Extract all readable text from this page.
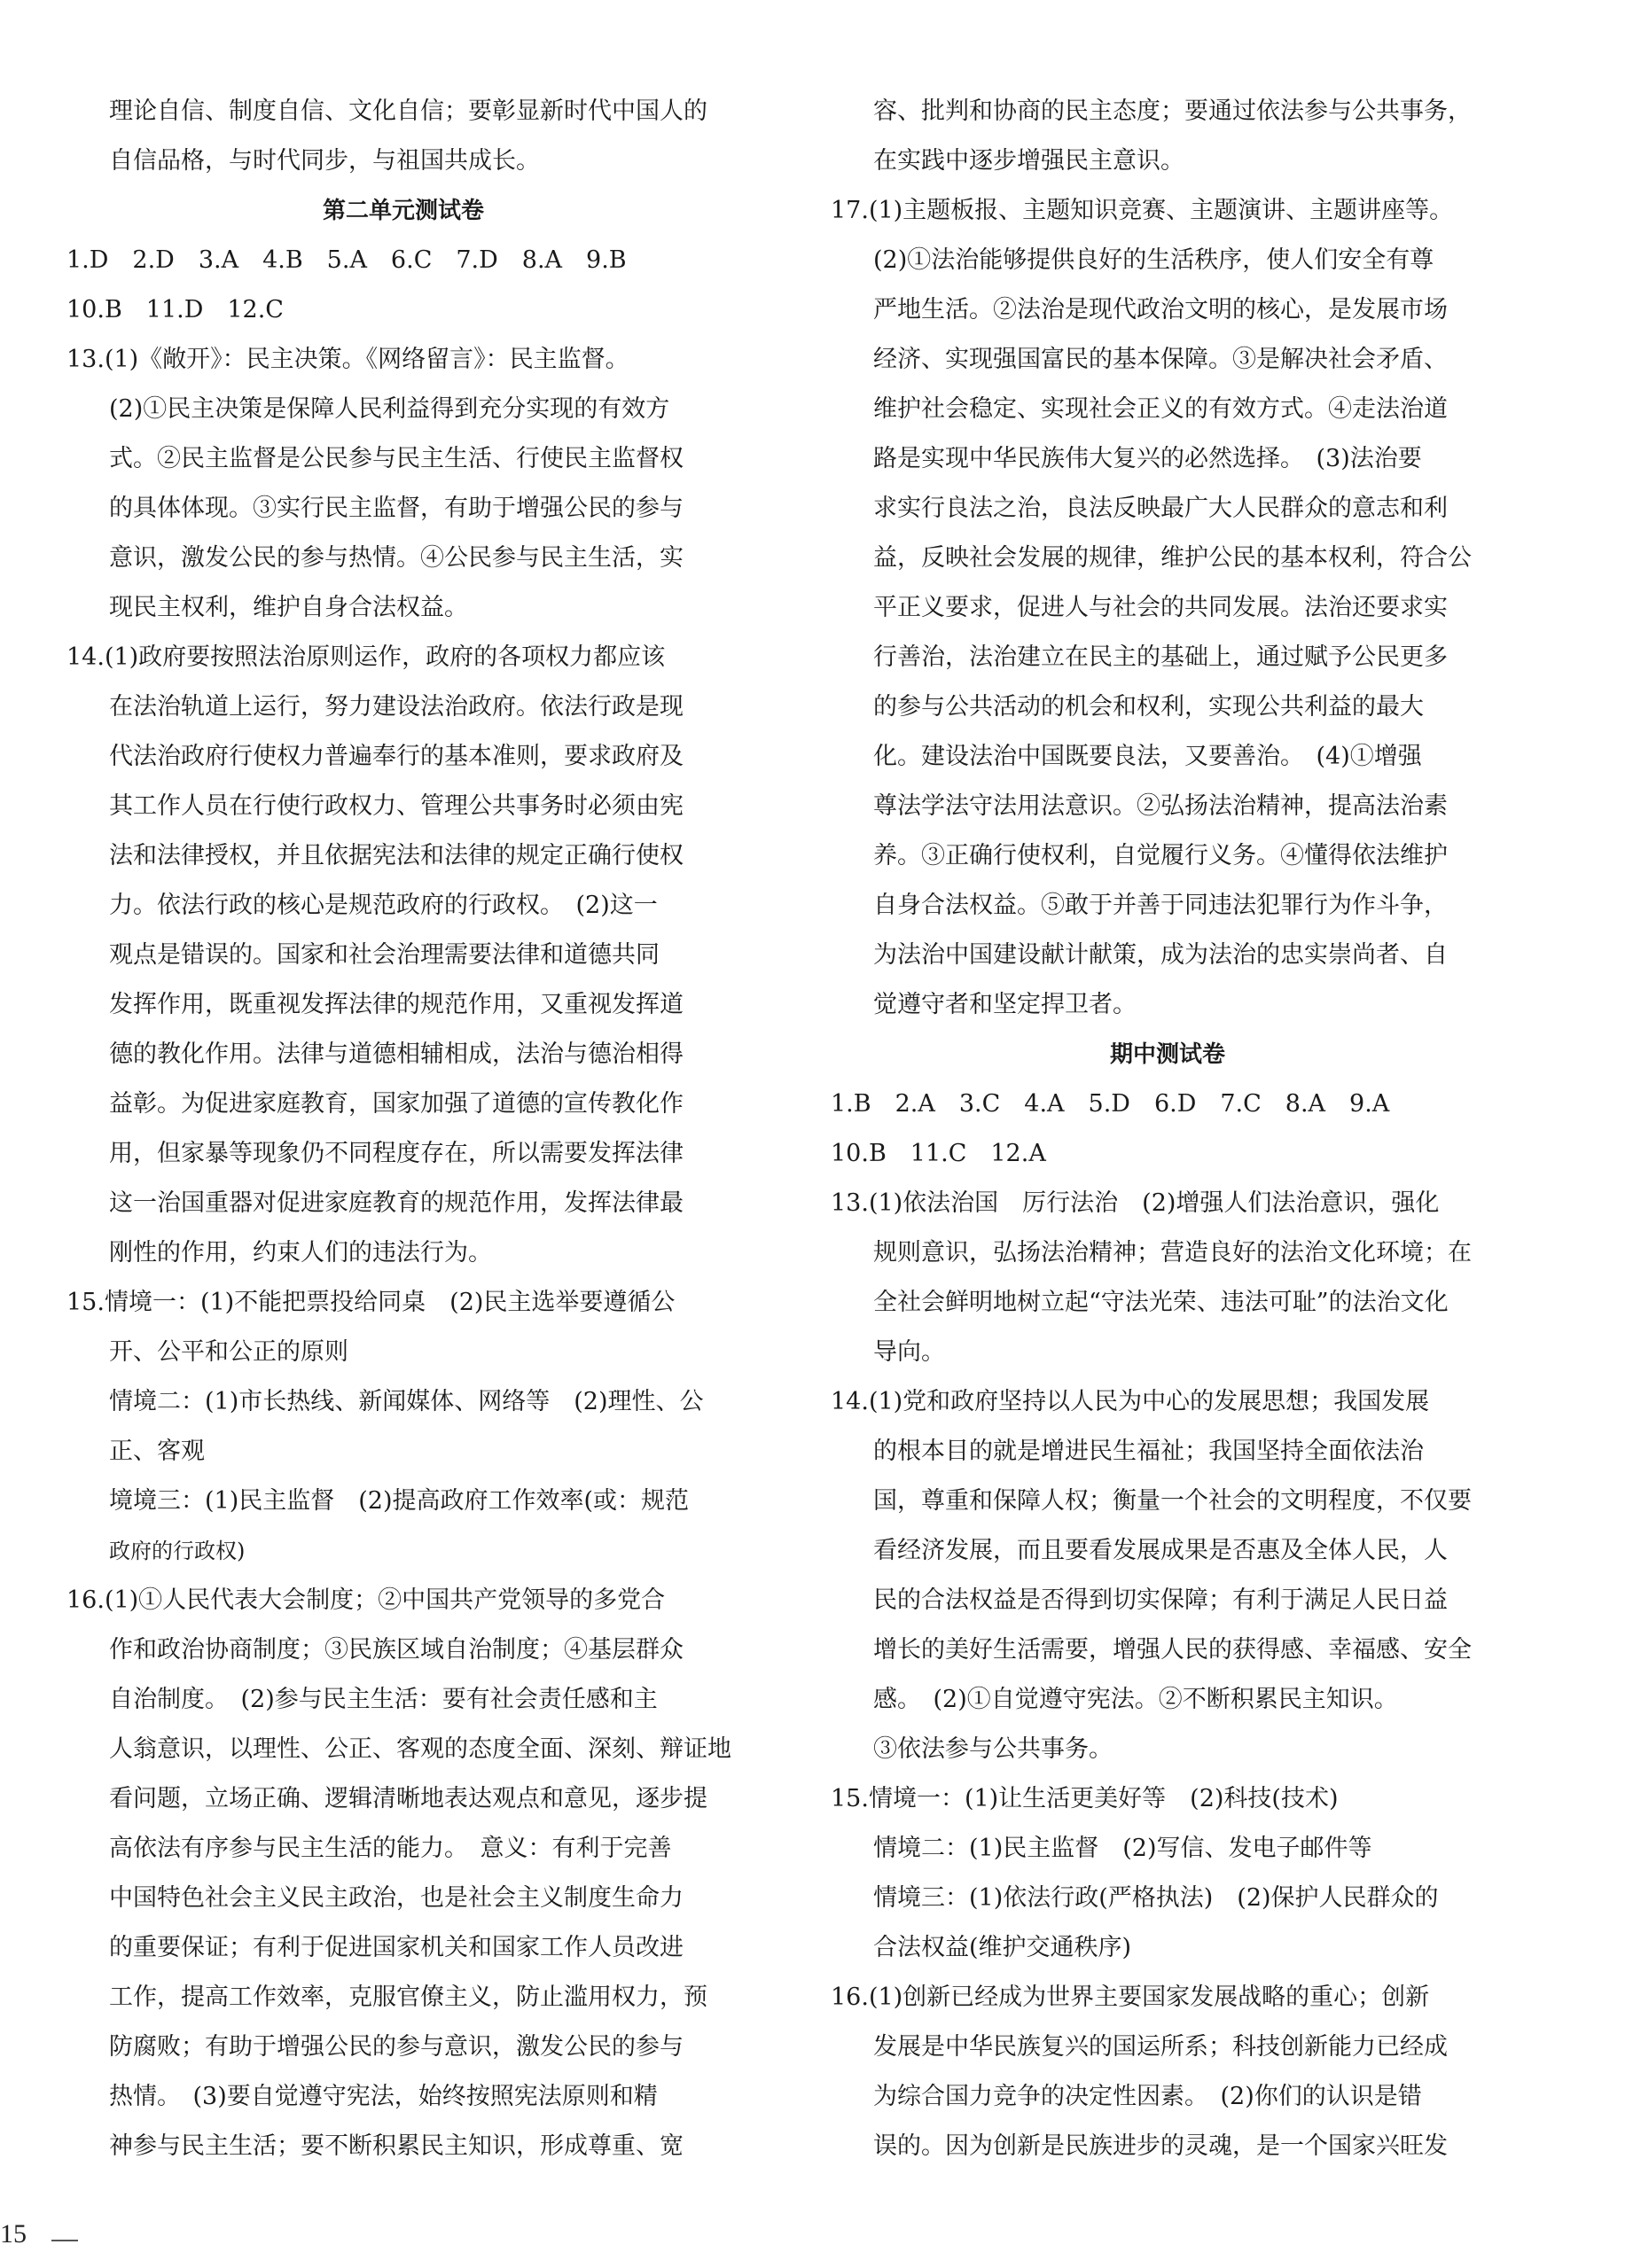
理论自信、制度自信、文化自信；要彰显新时代中国人的
自信品格，与时代同步，与祖国共成长。
第二单元测试卷
1.D　2.D　3.A　4.B　5.A　6.C　7.D　8.A　9.B
10.B　11.D　12.C
13.(1)《敞开》：民主决策。《网络留言》：民主监督。
(2)①民主决策是保障人民利益得到充分实现的有效方
式。②民主监督是公民参与民主生活、行使民主监督权
的具体体现。③实行民主监督，有助于增强公民的参与
意识，激发公民的参与热情。④公民参与民主生活，实
现民主权利，维护自身合法权益。
14.(1)政府要按照法治原则运作，政府的各项权力都应该
在法治轨道上运行，努力建设法治政府。依法行政是现
代法治政府行使权力普遍奉行的基本准则，要求政府及
其工作人员在行使行政权力、管理公共事务时必须由宪
法和法律授权，并且依据宪法和法律的规定正确行使权
力。依法行政的核心是规范政府的行政权。　(2)这一
观点是错误的。国家和社会治理需要法律和道德共同
发挥作用，既重视发挥法律的规范作用，又重视发挥道
德的教化作用。法律与道德相辅相成，法治与德治相得
益彰。为促进家庭教育，国家加强了道德的宣传教化作
用，但家暴等现象仍不同程度存在，所以需要发挥法律
这一治国重器对促进家庭教育的规范作用，发挥法律最
刚性的作用，约束人们的违法行为。
15.情境一：(1)不能把票投给同桌　(2)民主选举要遵循公
开、公平和公正的原则
情境二：(1)市长热线、新闻媒体、网络等　(2)理性、公
正、客观
境境三：(1)民主监督　(2)提高政府工作效率(或：规范
政府的行政权)
16.(1)①人民代表大会制度；②中国共产党领导的多党合
作和政治协商制度；③民族区域自治制度；④基层群众
自治制度。　(2)参与民主生活：要有社会责任感和主
人翁意识，以理性、公正、客观的态度全面、深刻、辩证地
看问题，立场正确、逻辑清晰地表达观点和意见，逐步提
高依法有序参与民主生活的能力。　意义：有利于完善
中国特色社会主义民主政治，也是社会主义制度生命力
的重要保证；有利于促进国家机关和国家工作人员改进
工作，提高工作效率，克服官僚主义，防止滥用权力，预
防腐败；有助于增强公民的参与意识，激发公民的参与
热情。　(3)要自觉遵守宪法，始终按照宪法原则和精
神参与民主生活；要不断积累民主知识，形成尊重、宽
容、批判和协商的民主态度；要通过依法参与公共事务，
在实践中逐步增强民主意识。
17.(1)主题板报、主题知识竞赛、主题演讲、主题讲座等。
(2)①法治能够提供良好的生活秩序，使人们安全有尊
严地生活。②法治是现代政治文明的核心，是发展市场
经济、实现强国富民的基本保障。③是解决社会矛盾、
维护社会稳定、实现社会正义的有效方式。④走法治道
路是实现中华民族伟大复兴的必然选择。　(3)法治要
求实行良法之治，良法反映最广大人民群众的意志和利
益，反映社会发展的规律，维护公民的基本权利，符合公
平正义要求，促进人与社会的共同发展。法治还要求实
行善治，法治建立在民主的基础上，通过赋予公民更多
的参与公共活动的机会和权利，实现公共利益的最大
化。建设法治中国既要良法，又要善治。　(4)①增强
尊法学法守法用法意识。②弘扬法治精神，提高法治素
养。③正确行使权利，自觉履行义务。④懂得依法维护
自身合法权益。⑤敢于并善于同违法犯罪行为作斗争，
为法治中国建设献计献策，成为法治的忠实崇尚者、自
觉遵守者和坚定捍卫者。
期中测试卷
1.B　2.A　3.C　4.A　5.D　6.D　7.C　8.A　9.A
10.B　11.C　12.A
13.(1)依法治国　厉行法治　(2)增强人们法治意识，强化
规则意识，弘扬法治精神；营造良好的法治文化环境；在
全社会鲜明地树立起“守法光荣、违法可耻”的法治文化
导向。
14.(1)党和政府坚持以人民为中心的发展思想；我国发展
的根本目的就是增进民生福祉；我国坚持全面依法治
国，尊重和保障人权；衡量一个社会的文明程度，不仅要
看经济发展，而且要看发展成果是否惠及全体人民，人
民的合法权益是否得到切实保障；有利于满足人民日益
增长的美好生活需要，增强人民的获得感、幸福感、安全
感。　(2)①自觉遵守宪法。②不断积累民主知识。
③依法参与公共事务。
15.情境一：(1)让生活更美好等　(2)科技(技术)
情境二：(1)民主监督　(2)写信、发电子邮件等
情境三：(1)依法行政(严格执法)　(2)保护人民群众的
合法权益(维护交通秩序)
16.(1)创新已经成为世界主要国家发展战略的重心；创新
发展是中华民族复兴的国运所系；科技创新能力已经成
为综合国力竞争的决定性因素。　(2)你们的认识是错
误的。因为创新是民族进步的灵魂，是一个国家兴旺发
15
